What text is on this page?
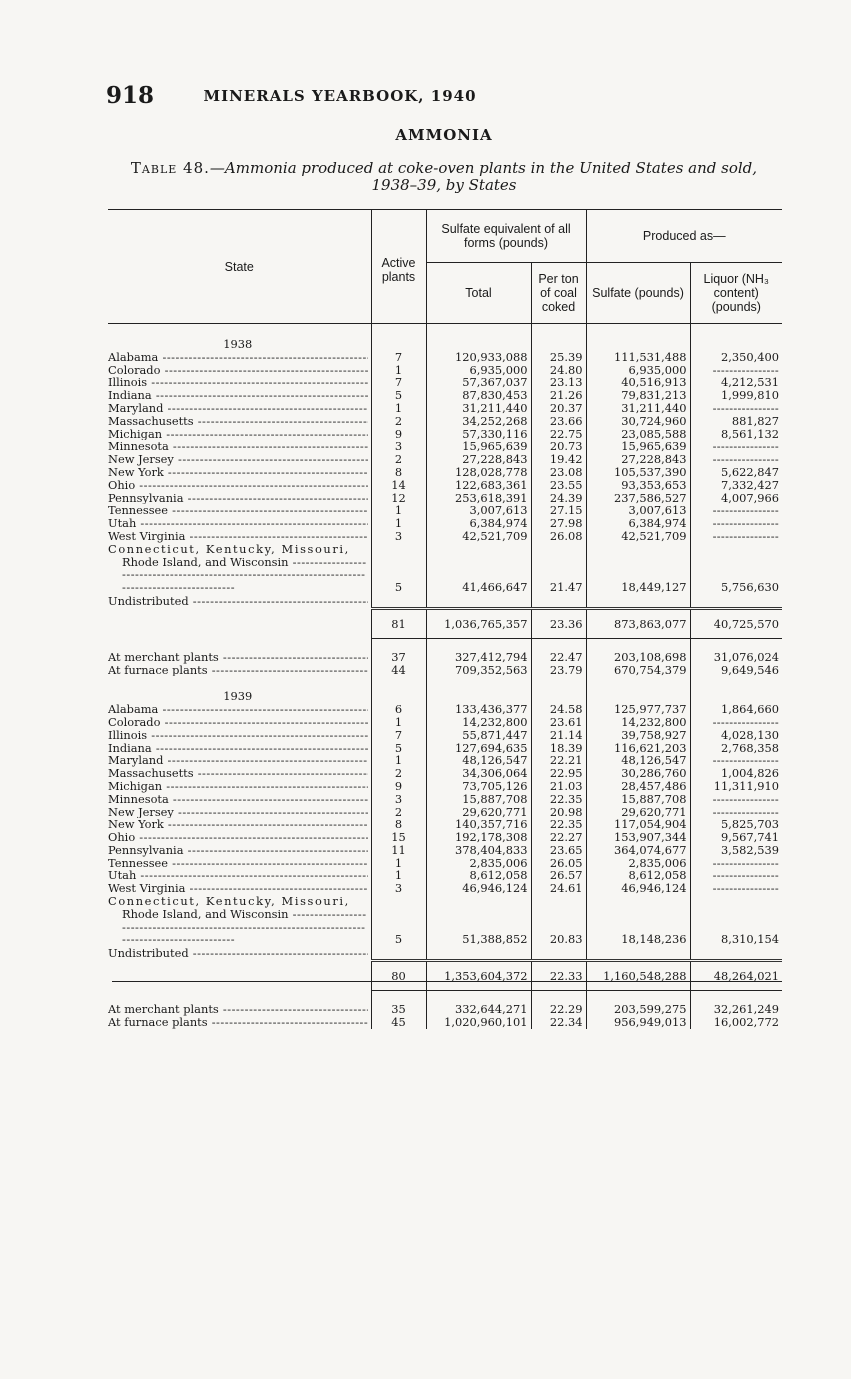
918	MINERALS YEARBOOK, 1940
AMMONIA
Table 48.—Ammonia produced at coke-oven plants in the United States and sold, 1938–39, by States
State	Active plants	Sulfate equivalent of all forms (pounds)		Produced as—	
		Total	Per ton of coal coked	Sulfate (pounds)	Liquor (NH₃ content) (pounds)

1938					

Alabama -----	7	120,933,088	25.39	111,531,488	2,350,400

Colorado -----	1	6,935,000	24.80	6,935,000	-----

Illinois -----	7	57,367,037	23.13	40,516,913	4,212,531

Indiana -----	5	87,830,453	21.26	79,831,213	1,999,810

Maryland -----	1	31,211,440	20.37	31,211,440	-----

Massachusetts -----	2	34,252,268	23.66	30,724,960	881,827

Michigan -----	9	57,330,116	22.75	23,085,588	8,561,132

Minnesota -----	3	15,965,639	20.73	15,965,639	-----

New Jersey -----	2	27,228,843	19.42	27,228,843	-----

New York -----	8	128,028,778	23.08	105,537,390	5,622,847

Ohio -----	14	122,683,361	23.55	93,353,653	7,332,427

Pennsylvania -----	12	253,618,391	24.39	237,586,527	4,007,966

Tennessee -----	1	3,007,613	27.15	3,007,613	-----

Utah -----	1	6,384,974	27.98	6,384,974	-----

West Virginia -----	3	42,521,709	26.08	42,521,709	-----

Connecticut, Kentucky, Missouri,
Rhode Island, and Wisconsin -----	5	41,466,647	21.47	18,449,127	5,756,630

Undistributed -----

	81	1,036,765,357	23.36	873,863,077	40,725,570

At merchant plants -----	37	327,412,794	22.47	203,108,698	31,076,024

At furnace plants -----	44	709,352,563	23.79	670,754,379	9,649,546

1939					

Alabama -----	6	133,436,377	24.58	125,977,737	1,864,660

Colorado -----	1	14,232,800	23.61	14,232,800	-----

Illinois -----	7	55,871,447	21.14	39,758,927	4,028,130

Indiana -----	5	127,694,635	18.39	116,621,203	2,768,358

Maryland -----	1	48,126,547	22.21	48,126,547	-----

Massachusetts -----	2	34,306,064	22.95	30,286,760	1,004,826

Michigan -----	9	73,705,126	21.03	28,457,486	11,311,910

Minnesota -----	3	15,887,708	22.35	15,887,708	-----

New Jersey -----	2	29,620,771	20.98	29,620,771	-----

New York -----	8	140,357,716	22.35	117,054,904	5,825,703

Ohio -----	15	192,178,308	22.27	153,907,344	9,567,741

Pennsylvania -----	11	378,404,833	23.65	364,074,677	3,582,539

Tennessee -----	1	2,835,006	26.05	2,835,006	-----

Utah -----	1	8,612,058	26.57	8,612,058	-----

West Virginia -----	3	46,946,124	24.61	46,946,124	-----

Connecticut, Kentucky, Missouri,
Rhode Island, and Wisconsin -----	5	51,388,852	20.83	18,148,236	8,310,154

Undistributed -----

	80	1,353,604,372	22.33	1,160,548,288	48,264,021

At merchant plants -----	35	332,644,271	22.29	203,599,275	32,261,249

At furnace plants -----	45	1,020,960,101	22.34	956,949,013	16,002,772
